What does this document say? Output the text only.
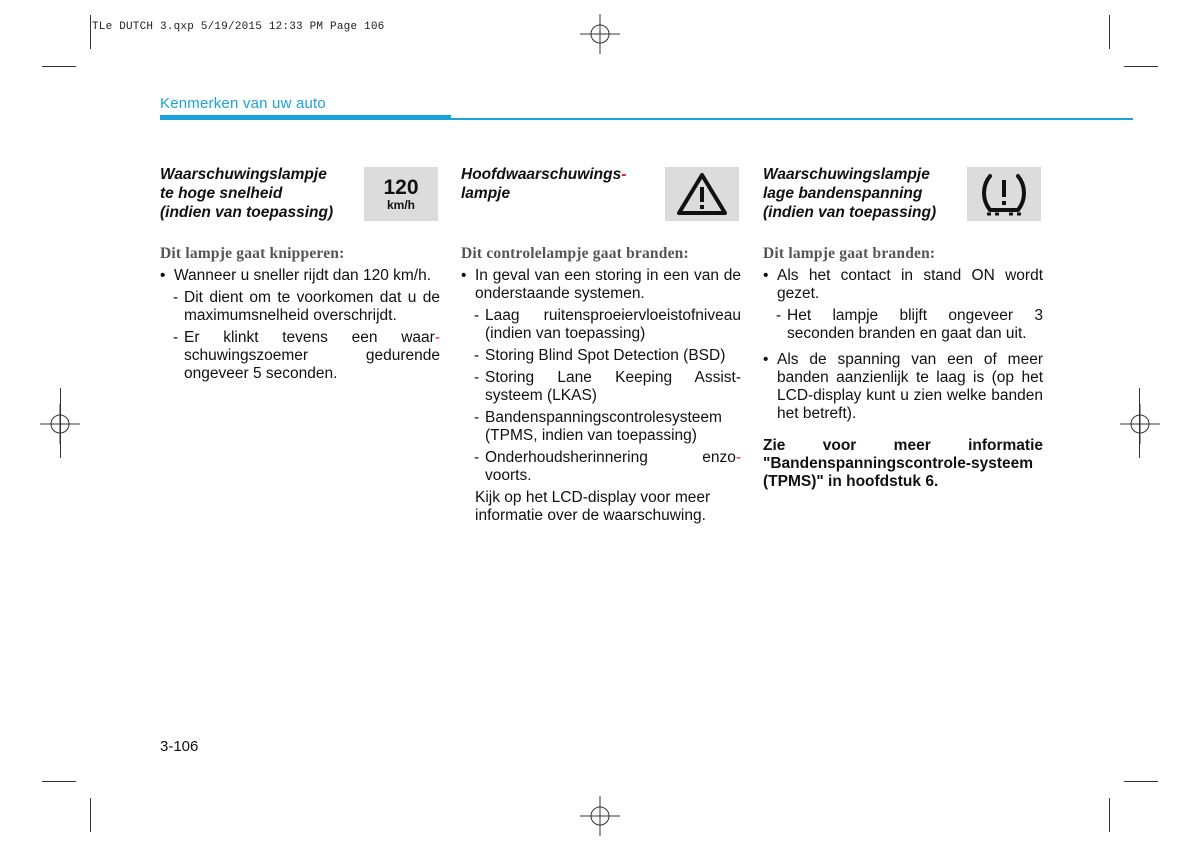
TLe DUTCH 3.qxp 5/19/2015 12:33 PM Page 106
Kenmerken van uw auto
Waarschuwingslampje
te hoge snelheid
(indien van toepassing)
120
km/h

Dit lampje gaat knipperen:

• Wanneer u sneller rijdt dan 120 km/h.
- Dit dient om te voorkomen dat u de maximumsnelheid overschrijdt.
- Er klinkt tevens een waar- schuwingszoemer gedurende ongeveer 5 seconden.
Hoofdwaarschuwings-
lampje

Dit controlelampje gaat branden:

• In geval van een storing in een van de onderstaande systemen.
- Laag ruitensproeiervloeistofniveau (indien van toepassing)
- Storing Blind Spot Detection (BSD)
- Storing Lane Keeping Assist-systeem (LKAS)
- Bandenspanningscontrolesysteem (TPMS, indien van toepassing)
- Onderhoudsherinnering enzo- voorts.
Kijk op het LCD-display voor meer informatie over de waarschuwing.
Waarschuwingslampje
lage bandenspanning
(indien van toepassing)

Dit lampje gaat branden:

• Als het contact in stand ON wordt gezet.
- Het lampje blijft ongeveer 3 seconden branden en gaat dan uit.
• Als de spanning van een of meer banden aanzienlijk te laag is (op het LCD-display kunt u zien welke banden het betreft).
Zie voor meer informatie "Bandenspanningscontrole-systeem (TPMS)" in hoofdstuk 6.
3-106
